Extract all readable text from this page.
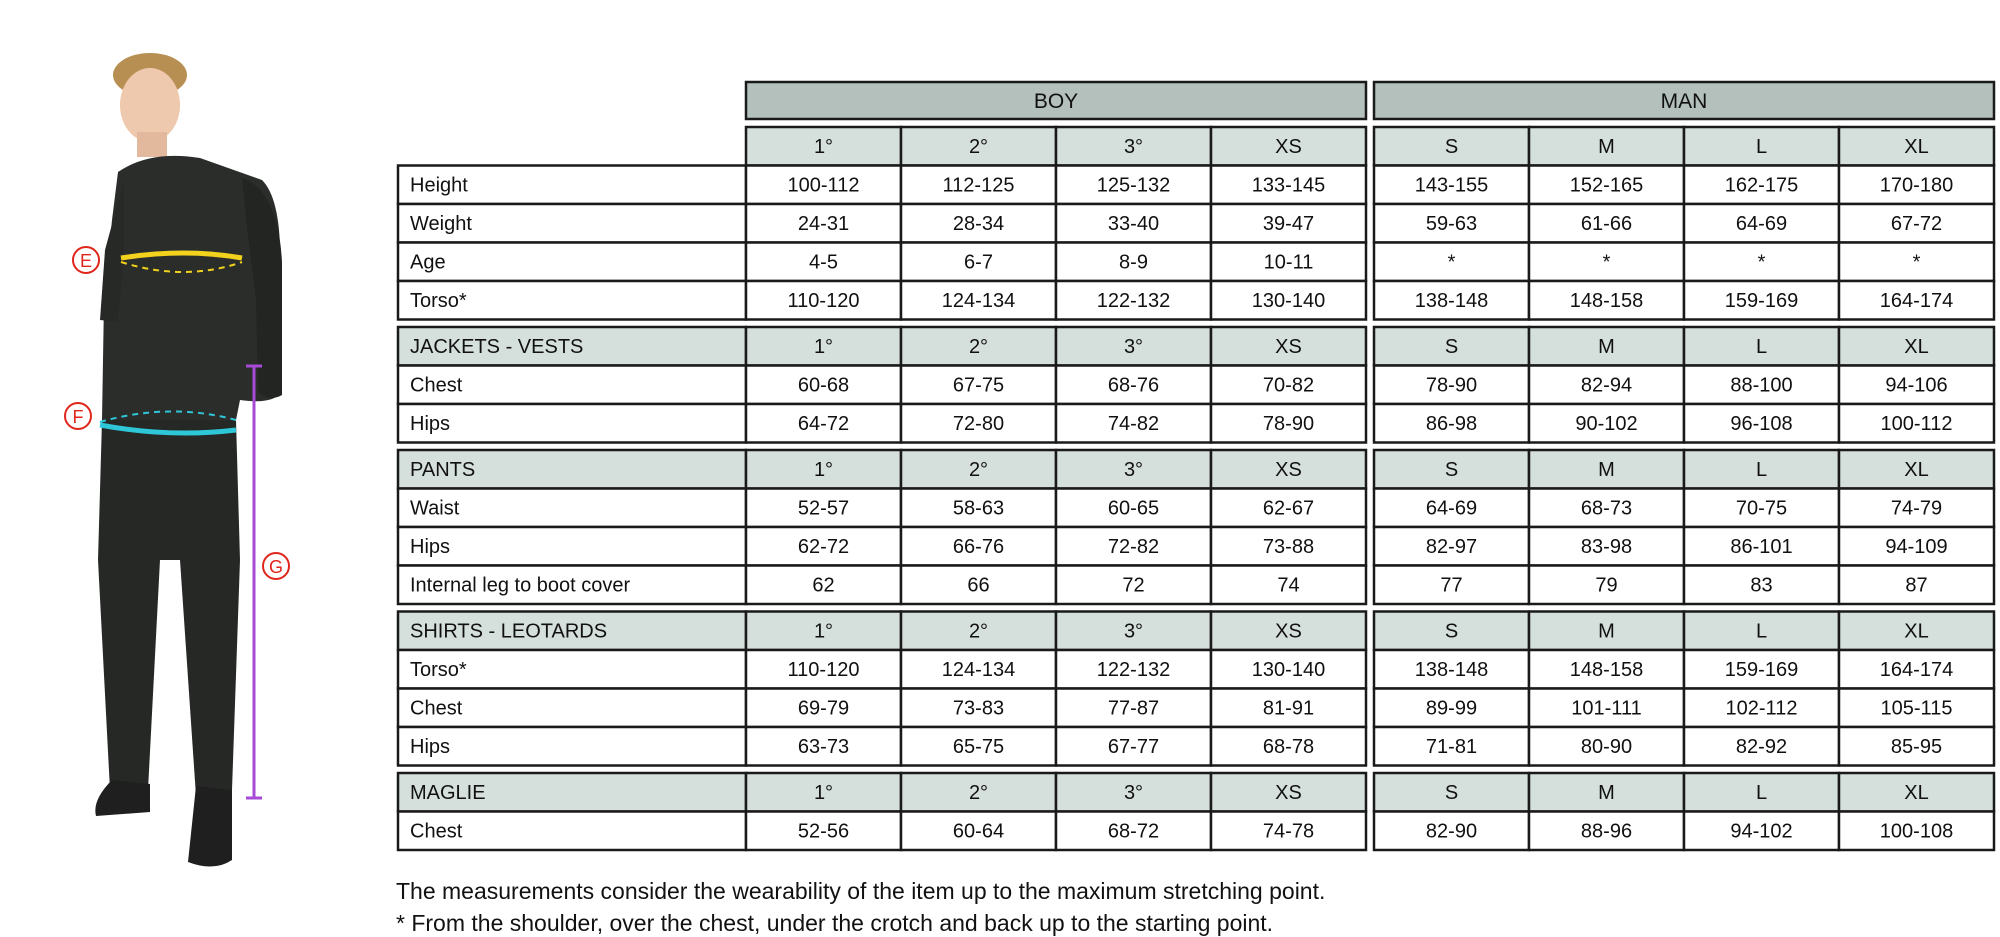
E
F
G
BOY	MAN
1°	2°	3°	XS	S	M	L	XL
Height	100-112	112-125	125-132	133-145	143-155	152-165	162-175	170-180
Weight	24-31	28-34	33-40	39-47	59-63	61-66	64-69	67-72
Age	4-5	6-7	8-9	10-11	*	*	*	*
Torso*	110-120	124-134	122-132	130-140	138-148	148-158	159-169	164-174
JACKETS - VESTS	1°	2°	3°	XS	S	M	L	XL
Chest	60-68	67-75	68-76	70-82	78-90	82-94	88-100	94-106
Hips	64-72	72-80	74-82	78-90	86-98	90-102	96-108	100-112
PANTS	1°	2°	3°	XS	S	M	L	XL
Waist	52-57	58-63	60-65	62-67	64-69	68-73	70-75	74-79
Hips	62-72	66-76	72-82	73-88	82-97	83-98	86-101	94-109
Internal leg to boot cover	62	66	72	74	77	79	83	87
SHIRTS - LEOTARDS	1°	2°	3°	XS	S	M	L	XL
Torso*	110-120	124-134	122-132	130-140	138-148	148-158	159-169	164-174
Chest	69-79	73-83	77-87	81-91	89-99	101-111	102-112	105-115
Hips	63-73	65-75	67-77	68-78	71-81	80-90	82-92	85-95
MAGLIE	1°	2°	3°	XS	S	M	L	XL
Chest	52-56	60-64	68-72	74-78	82-90	88-96	94-102	100-108
The measurements consider the wearability of the item up to the maximum stretching point.
* From the shoulder, over the chest, under the crotch and back up to the starting point.
